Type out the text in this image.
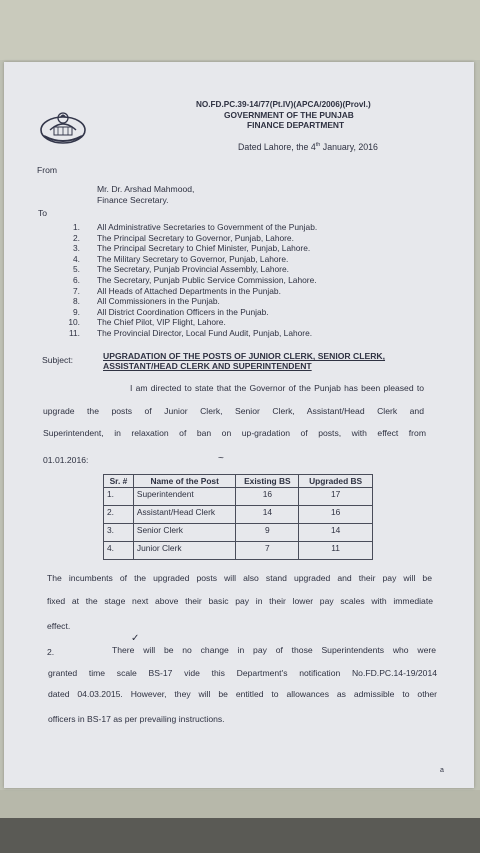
NO.FD.PC.39-14/77(Pt.IV)(APCA/2006)(Provl.)
GOVERNMENT OF THE PUNJAB
FINANCE DEPARTMENT
Dated Lahore, the 4th January, 2016
From
Mr. Dr. Arshad Mahmood,
Finance Secretary.
To
1. All Administrative Secretaries to Government of the Punjab.
2. The Principal Secretary to Governor, Punjab, Lahore.
3. The Principal Secretary to Chief Minister, Punjab, Lahore.
4. The Military Secretary to Governor, Punjab, Lahore.
5. The Secretary, Punjab Provincial Assembly, Lahore.
6. The Secretary, Punjab Public Service Commission, Lahore.
7. All Heads of Attached Departments in the Punjab.
8. All Commissioners in the Punjab.
9. All District Coordination Officers in the Punjab.
10. The Chief Pilot, VIP Flight, Lahore.
11. The Provincial Director, Local Fund Audit, Punjab, Lahore.
Subject:	UPGRADATION OF THE POSTS OF JUNIOR CLERK, SENIOR CLERK,
ASSISTANT/HEAD CLERK AND SUPERINTENDENT
I am directed to state that the Governor of the Punjab has been pleased to
upgrade the posts of Junior Clerk, Senior Clerk, Assistant/Head Clerk and
Superintendent, in relaxation of ban on up-gradation of posts, with effect from
01.01.2016:	~
Sr. #	Name of the Post	Existing BS	Upgraded BS
1.	Superintendent	16	17
2.	Assistant/Head Clerk	14	16
3.	Senior Clerk	9	14
4.	Junior Clerk	7	11
The incumbents of the upgraded posts will also stand upgraded and their pay will be
fixed at the stage next above their basic pay in their lower pay scales with immediate
effect.
✓
2.	There will be no change in pay of those Superintendents who were
granted time scale BS-17 vide this Department's notification No.FD.PC.14-19/2014
dated 04.03.2015. However, they will be entitled to allowances as admissible to other
officers in BS-17 as per prevailing instructions.
a
